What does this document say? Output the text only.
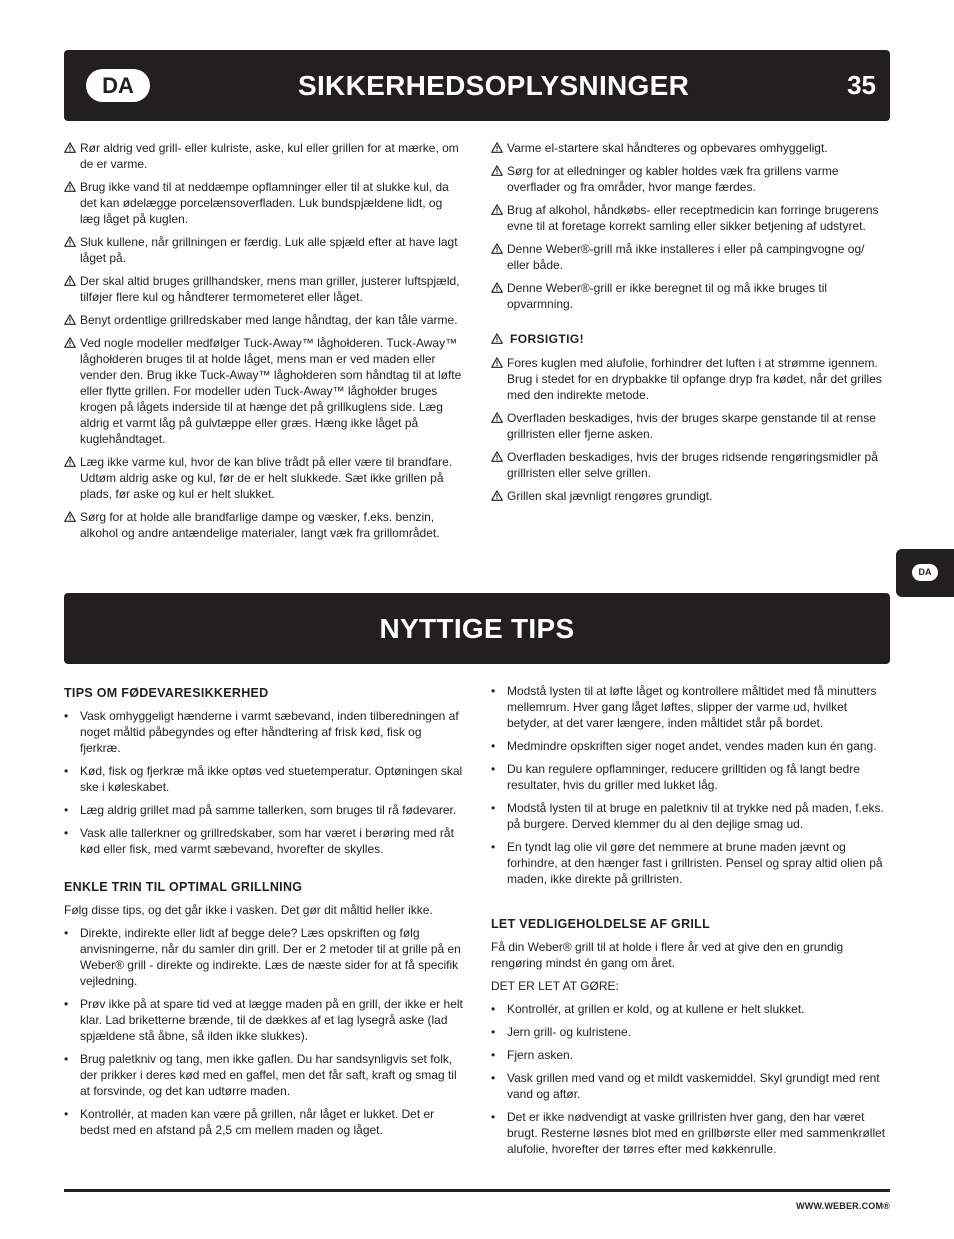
DA	SIKKERHEDSOPLYSNINGER	35
Rør aldrig ved grill- eller kulriste, aske, kul eller grillen for at mærke, om de er varme.
Brug ikke vand til at neddæmpe opflamninger eller til at slukke kul, da det kan ødelægge porcelænsoverfladen. Luk bundspjældene lidt, og læg låget på kuglen.
Sluk kullene, når grillningen er færdig. Luk alle spjæld efter at have lagt låget på.
Der skal altid bruges grillhandsker, mens man griller, justerer luftspjæld, tilføjer flere kul og håndterer termometeret eller låget.
Benyt ordentlige grillredskaber med lange håndtag, der kan tåle varme.
Ved nogle modeller medfølger Tuck-Away™ låghołderen. Tuck-Away™ låghołderen bruges til at holde låget, mens man er ved maden eller vender den. Brug ikke Tuck-Away™ låghołderen som håndtag til at løfte eller flytte grillen. For modeller uden Tuck-Away™ låghołder bruges krogen på lågets inderside til at hænge det på grillkuglens side. Læg aldrig et varmt låg på gulvtæppe eller græs. Hæng ikke låget på kuglehåndtaget.
Læg ikke varme kul, hvor de kan blive trådt på eller være til brandfare. Udtøm aldrig aske og kul, før de er helt slukkede. Sæt ikke grillen på plads, før aske og kul er helt slukket.
Sørg for at holde alle brandfarlige dampe og væsker, f.eks. benzin, alkohol og andre antændelige materialer, langt væk fra grillområdet.
Varme el-startere skal håndteres og opbevares omhyggeligt.
Sørg for at elledninger og kabler holdes væk fra grillens varme overflader og fra områder, hvor mange færdes.
Brug af alkohol, håndkøbs- eller receptmedicin kan forringe brugerens evne til at foretage korrekt samling eller sikker betjening af udstyret.
Denne Weber®-grill må ikke installeres i eller på campingvogne og/ eller både.
Denne Weber®-grill er ikke beregnet til og må ikke bruges til opvarmning.
FORSIGTIG!
Fores kuglen med alufolie, forhindrer det luften i at strømme igennem. Brug i stedet for en drypbakke til opfange dryp fra kødet, når det grilles med den indirekte metode.
Overfladen beskadiges, hvis der bruges skarpe genstande til at rense grillristen eller fjerne asken.
Overfladen beskadiges, hvis der bruges ridsende rengøringsmidler på grillristen eller selve grillen.
Grillen skal jævnligt rengøres grundigt.
DA
NYTTIGE TIPS
TIPS OM FØDEVARESIKKERHED
• Vask omhyggeligt hænderne i varmt sæbevand, inden tilberedningen af noget måltid påbegyndes og efter håndtering af frisk kød, fisk og fjerkræ.
• Kød, fisk og fjerkræ må ikke optøs ved stuetemperatur. Optøningen skal ske i køleskabet.
• Læg aldrig grillet mad på samme tallerken, som bruges til rå fødevarer.
• Vask alle tallerkner og grillredskaber, som har været i berøring med råt kød eller fisk, med varmt sæbevand, hvorefter de skylles.
ENKLE TRIN TIL OPTIMAL GRILLNING
Følg disse tips, og det går ikke i vasken. Det gør dit måltid heller ikke.
• Direkte, indirekte eller lidt af begge dele? Læs opskriften og følg anvisningerne, når du samler din grill. Der er 2 metoder til at grille på en Weber® grill - direkte og indirekte. Læs de næste sider for at få specifik vejledning.
• Prøv ikke på at spare tid ved at lægge maden på en grill, der ikke er helt klar. Lad briketterne brænde, til de dækkes af et lag lysegrå aske (lad spjældene stå åbne, så ilden ikke slukkes).
• Brug paletkniv og tang, men ikke gaflen. Du har sandsynligvis set folk, der prikker i deres kød med en gaffel, men det får saft, kraft og smag til at forsvinde, og det kan udtørre maden.
• Kontrollér, at maden kan være på grillen, når låget er lukket. Det er bedst med en afstand på 2,5 cm mellem maden og låget.
• Modstå lysten til at løfte låget og kontrollere måltidet med få minutters mellemrum. Hver gang låget løftes, slipper der varme ud, hvilket betyder, at det varer længere, inden måltidet står på bordet.
• Medmindre opskriften siger noget andet, vendes maden kun én gang.
• Du kan regulere opflamninger, reducere grilltiden og få langt bedre resultater, hvis du griller med lukket låg.
• Modstå lysten til at bruge en paletkniv til at trykke ned på maden, f.eks. på burgere. Derved klemmer du al den dejlige smag ud.
• En tyndt lag olie vil gøre det nemmere at brune maden jævnt og forhindre, at den hænger fast i grillristen. Pensel og spray altid olien på maden, ikke direkte på grillristen.
LET VEDLIGEHOLDELSE AF GRILL
Få din Weber® grill til at holde i flere år ved at give den en grundig rengøring mindst én gang om året.
DET ER LET AT GØRE:
• Kontrollér, at grillen er kold, og at kullene er helt slukket.
• Jern grill- og kulristene.
• Fjern asken.
• Vask grillen med vand og et mildt vaskemiddel. Skyl grundigt med rent vand og aftør.
• Det er ikke nødvendigt at vaske grillristen hver gang, den har været brugt. Resterne løsnes blot med en grillbørste eller med sammenkrøllet alufolie, hvorefter der tørres efter med køkkenrulle.
WWW.WEBER.COM®
